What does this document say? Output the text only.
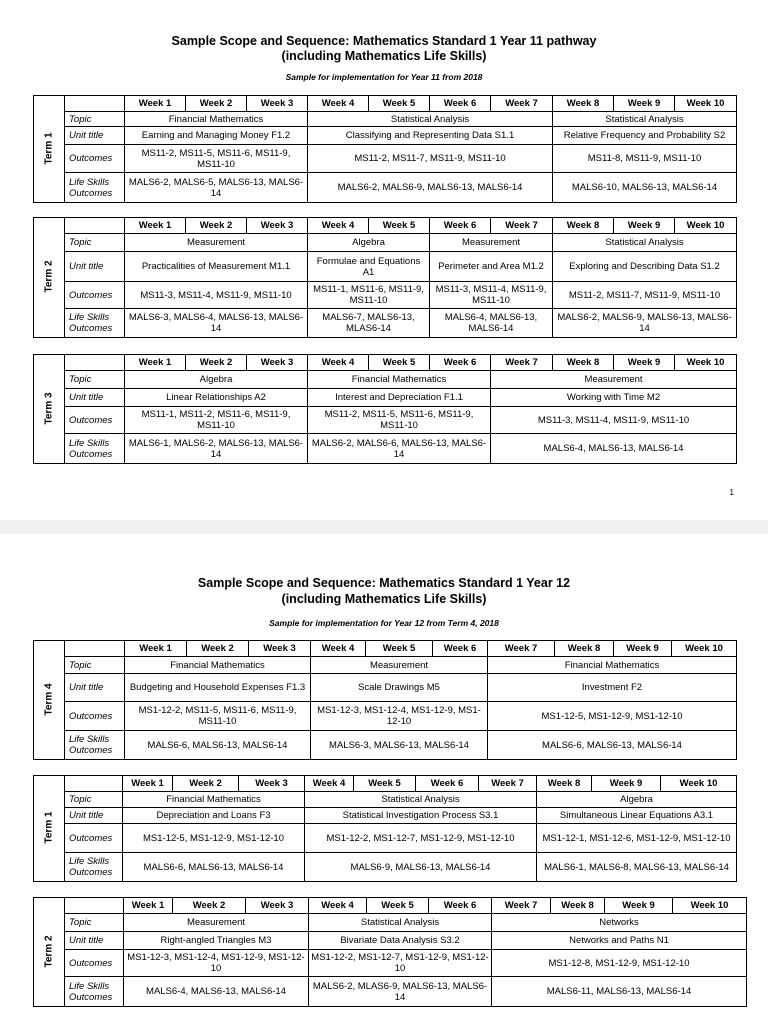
Sample Scope and Sequence: Mathematics Standard 1 Year 11 pathway
(including Mathematics Life Skills)
Sample for implementation for Year 11 from 2018
Term 1		Week 1	Week 2	Week 3	Week 4	Week 5	Week 6	Week 7	Week 8	Week 9	Week 10
	Topic	Financial Mathematics			Statistical Analysis				Statistical Analysis		
	Unit title	Earning and Managing Money F1.2			Classifying and Representing Data S1.1				Relative Frequency and Probability S2		
	Outcomes	MS11-2, MS11-5, MS11-6, MS11-9, MS11-10			MS11-2, MS11-7, MS11-9, MS11-10				MS11-8, MS11-9, MS11-10		
	Life Skills
Outcomes	MALS6-2, MALS6-5, MALS6-13, MALS6-14			MALS6-2, MALS6-9, MALS6-13, MALS6-14				MALS6-10, MALS6-13, MALS6-14		
Term 2		Week 1	Week 2	Week 3	Week 4	Week 5	Week 6	Week 7	Week 8	Week 9	Week 10
	Topic	Measurement			Algebra		Measurement		Statistical Analysis		
	Unit title	Practicalities of Measurement M1.1			Formulae and Equations A1		Perimeter and Area M1.2		Exploring and Describing Data S1.2		
	Outcomes	MS11-3, MS11-4, MS11-9, MS11-10			MS11-1, MS11-6, MS11-9, MS11-10		MS11-3, MS11-4, MS11-9, MS11-10		MS11-2, MS11-7, MS11-9, MS11-10		
	Life Skills
Outcomes	MALS6-3, MALS6-4, MALS6-13, MALS6-14			MALS6-7, MALS6-13, MLAS6-14		MALS6-4, MALS6-13, MALS6-14		MALS6-2, MALS6-9, MALS6-13, MALS6-14		
Term 3		Week 1	Week 2	Week 3	Week 4	Week 5	Week 6	Week 7	Week 8	Week 9	Week 10
	Topic	Algebra			Financial Mathematics			Measurement			
	Unit title	Linear Relationships A2			Interest and Depreciation F1.1			Working with Time M2			
	Outcomes	MS11-1, MS11-2, MS11-6, MS11-9, MS11-10			MS11-2, MS11-5, MS11-6, MS11-9, MS11-10			MS11-3, MS11-4, MS11-9, MS11-10			
	Life Skills
Outcomes	MALS6-1, MALS6-2, MALS6-13, MALS6-14			MALS6-2, MALS6-6, MALS6-13, MALS6-14			MALS6-4, MALS6-13, MALS6-14			
1
Sample Scope and Sequence: Mathematics Standard 1 Year 12
(including Mathematics Life Skills)
Sample for implementation for Year 12 from Term 4, 2018
Term 4		Week 1	Week 2	Week 3	Week 4	Week 5	Week 6	Week 7	Week 8	Week 9	Week 10
	Topic	Financial Mathematics			Measurement			Financial Mathematics			
	Unit title	Budgeting and Household Expenses F1.3			Scale Drawings M5			Investment F2			
	Outcomes	MS1-12-2, MS11-5, MS11-6, MS11-9, MS11-10			MS1-12-3, MS1-12-4, MS1-12-9, MS1-12-10			MS1-12-5, MS1-12-9, MS1-12-10			
	Life Skills
Outcomes	MALS6-6, MALS6-13, MALS6-14			MALS6-3, MALS6-13, MALS6-14			MALS6-6, MALS6-13, MALS6-14			
Term 1		Week 1	Week 2	Week 3	Week 4	Week 5	Week 6	Week 7	Week 8	Week 9	Week 10
	Topic	Financial Mathematics			Statistical Analysis				Algebra		
	Unit title	Depreciation and Loans F3			Statistical Investigation Process S3.1				Simultaneous Linear Equations A3.1		
	Outcomes	MS1-12-5, MS1-12-9, MS1-12-10			MS1-12-2, MS1-12-7, MS1-12-9, MS1-12-10				MS1-12-1, MS1-12-6, MS1-12-9, MS1-12-10		
	Life Skills
Outcomes	MALS6-6, MALS6-13, MALS6-14			MALS6-9, MALS6-13, MALS6-14				MALS6-1, MALS6-8, MALS6-13, MALS6-14		
Term 2		Week 1	Week 2	Week 3	Week 4	Week 5	Week 6	Week 7	Week 8	Week 9	Week 10
	Topic	Measurement			Statistical Analysis			Networks			
	Unit title	Right-angled Triangles M3			Bivariate Data Analysis S3.2			Networks and Paths N1			
	Outcomes	MS1-12-3, MS1-12-4, MS1-12-9, MS1-12-10			MS1-12-2, MS1-12-7, MS1-12-9, MS1-12-10			MS1-12-8, MS1-12-9, MS1-12-10			
	Life Skills
Outcomes	MALS6-4, MALS6-13, MALS6-14			MALS6-2, MLAS6-9, MALS6-13, MALS6-14			MALS6-11, MALS6-13, MALS6-14			
